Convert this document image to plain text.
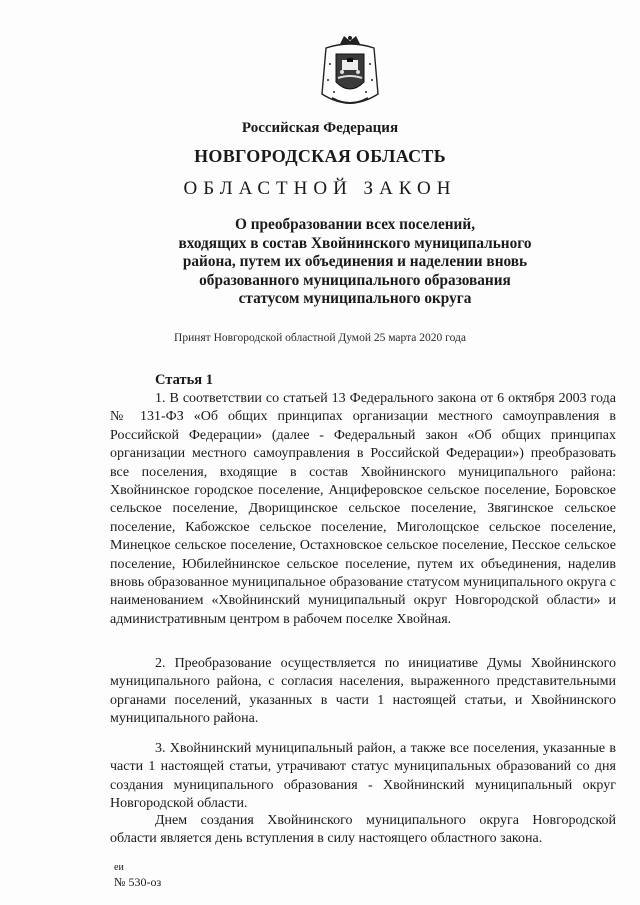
Российская Федерация
НОВГОРОДСКАЯ ОБЛАСТЬ
ОБЛАСТНОЙ ЗАКОН
О преобразовании всех поселений,
входящих в состав Хвойнинского муниципального
района, путем их объединения и наделении вновь
образованного муниципального образования
статусом муниципального округа
Принят Новгородской областной Думой 25 марта 2020 года
Статья 1

1. В соответствии со статьей 13 Федерального закона от 6 октября 2003 года № 131-ФЗ «Об общих принципах организации местного самоуправления в Российской Федерации» (далее - Федеральный закон «Об общих принципах организации местного самоуправления в Российской Федерации») преобразовать все поселения, входящие в состав Хвойнинского муниципального района: Хвойнинское городское поселение, Анциферовское сельское поселение, Боровское сельское поселение, Дворищинское сельское поселение, Звягинское сельское поселение, Кабожское сельское поселение, Миголощское сельское поселение, Минецкое сельское поселение, Остахновское сельское поселение, Песское сельское поселение, Юбилейнинское сельское поселение, путем их объединения, наделив вновь образованное муниципальное образование статусом муниципального округа с наименованием «Хвойнинский муниципальный округ Новгородской области» и административным центром в рабочем поселке Хвойная.

2. Преобразование осуществляется по инициативе Думы Хвойнинского муниципального района, с согласия населения, выраженного представительными органами поселений, указанных в части 1 настоящей статьи, и Хвойнинского муниципального района.

3. Хвойнинский муниципальный район, а также все поселения, указанные в части 1 настоящей статьи, утрачивают статус муниципальных образований со дня создания муниципального образования - Хвойнинский муниципальный округ Новгородской области.

Днем создания Хвойнинского муниципального округа Новгородской области является день вступления в силу настоящего областного закона.

еи
№ 530-оз
